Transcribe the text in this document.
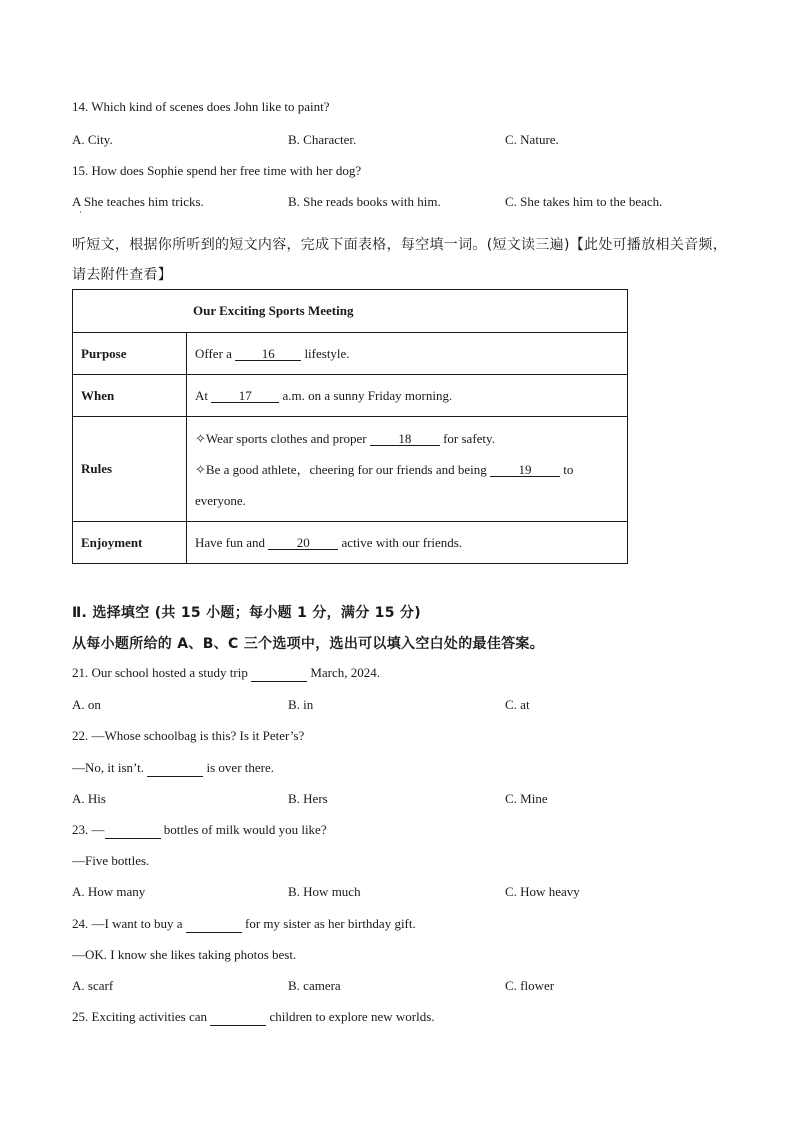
14. Which kind of scenes does John like to paint?
A. City.	B. Character.	C. Nature.
15. How does Sophie spend her free time with her dog?
A She teaches him tricks.
·
B. She reads books with him.	C. She takes him to the beach.
听短文，根据你所听到的短文内容，完成下面表格，每空填一词。(短文读三遍)【此处可播放相关音频，
请去附件查看】
Our Exciting Sports Meeting	
Purpose	Offer a 16 lifestyle.
When	At 17 a.m. on a sunny Friday morning.
Rules	✧Wear sports clothes and proper 18 for safety.
✧Be a good athlete，cheering for our friends and being 19 to
everyone.

Enjoyment	Have fun and 20 active with our friends.
Ⅱ. 选择填空 (共 15 小题；每小题 1 分，满分 15 分)
从每小题所给的 A、B、C 三个选项中，选出可以填入空白处的最佳答案。
21. Our school hosted a study trip	March, 2024.
A. on	B. in	C. at
22. —Whose schoolbag is this? Is it Peter’s?
—No, it isn’t.	is over there.
A. His	B. Hers	C. Mine
23. —	bottles of milk would you like?
—Five bottles.
A. How many	B. How much	C. How heavy
24. —I want to buy a	for my sister as her birthday gift.
—OK. I know she likes taking photos best.
A. scarf	B. camera	C. flower
25. Exciting activities can	children to explore new worlds.
